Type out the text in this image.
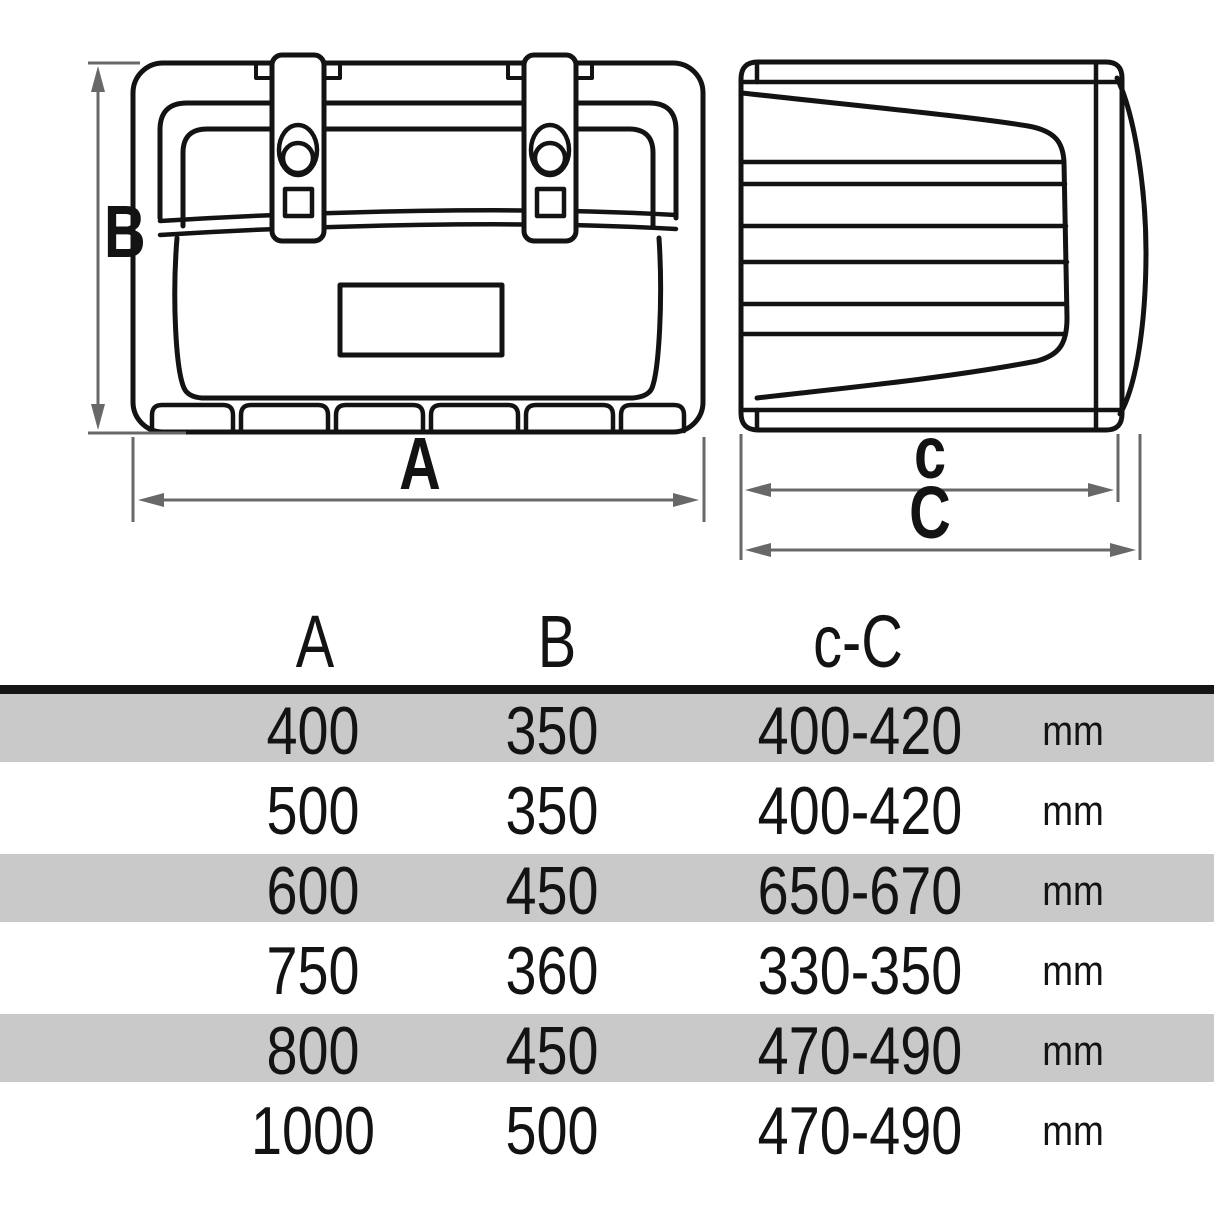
B
A	c
C
A	B	c-C
400 350 400-420 mm
500 350 400-420 mm
600 450 650-670 mm
750 360 330-350 mm
800 450 470-490 mm
1000 500 470-490 mm
